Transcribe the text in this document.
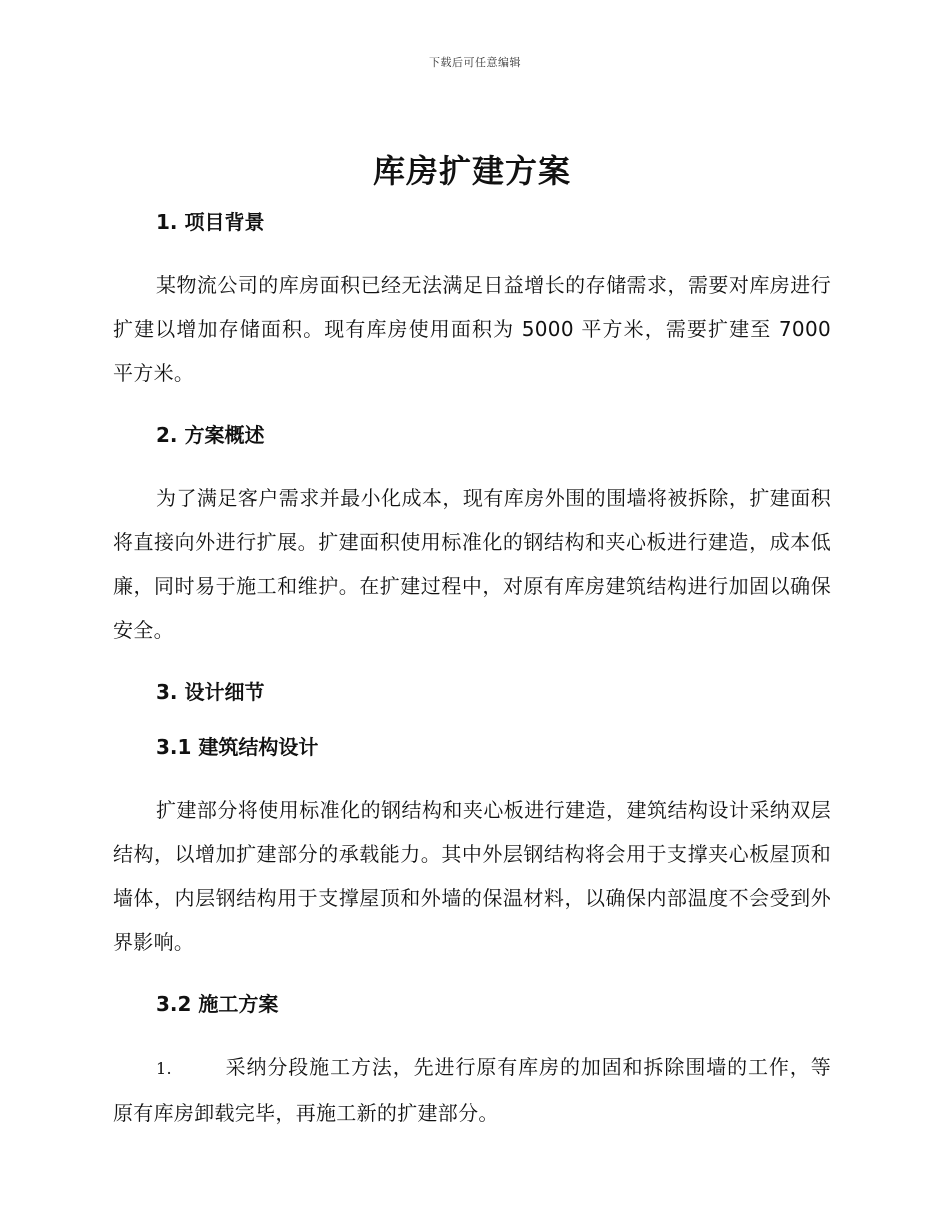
下载后可任意编辑
库房扩建方案
1. 项目背景

某物流公司的库房面积已经无法满足日益增长的存储需求，需要对库房进行扩建以增加存储面积。现有库房使用面积为 5000 平方米，需要扩建至 7000 平方米。

2. 方案概述

为了满足客户需求并最小化成本，现有库房外围的围墙将被拆除，扩建面积将直接向外进行扩展。扩建面积使用标准化的钢结构和夹心板进行建造，成本低廉，同时易于施工和维护。在扩建过程中，对原有库房建筑结构进行加固以确保安全。

3. 设计细节
3.1 建筑结构设计

扩建部分将使用标准化的钢结构和夹心板进行建造，建筑结构设计采纳双层结构，以增加扩建部分的承载能力。其中外层钢结构将会用于支撑夹心板屋顶和墙体，内层钢结构用于支撑屋顶和外墙的保温材料，以确保内部温度不会受到外界影响。

3.2 施工方案

1.	采纳分段施工方法，先进行原有库房的加固和拆除围墙的工作，等原有库房卸载完毕，再施工新的扩建部分。
